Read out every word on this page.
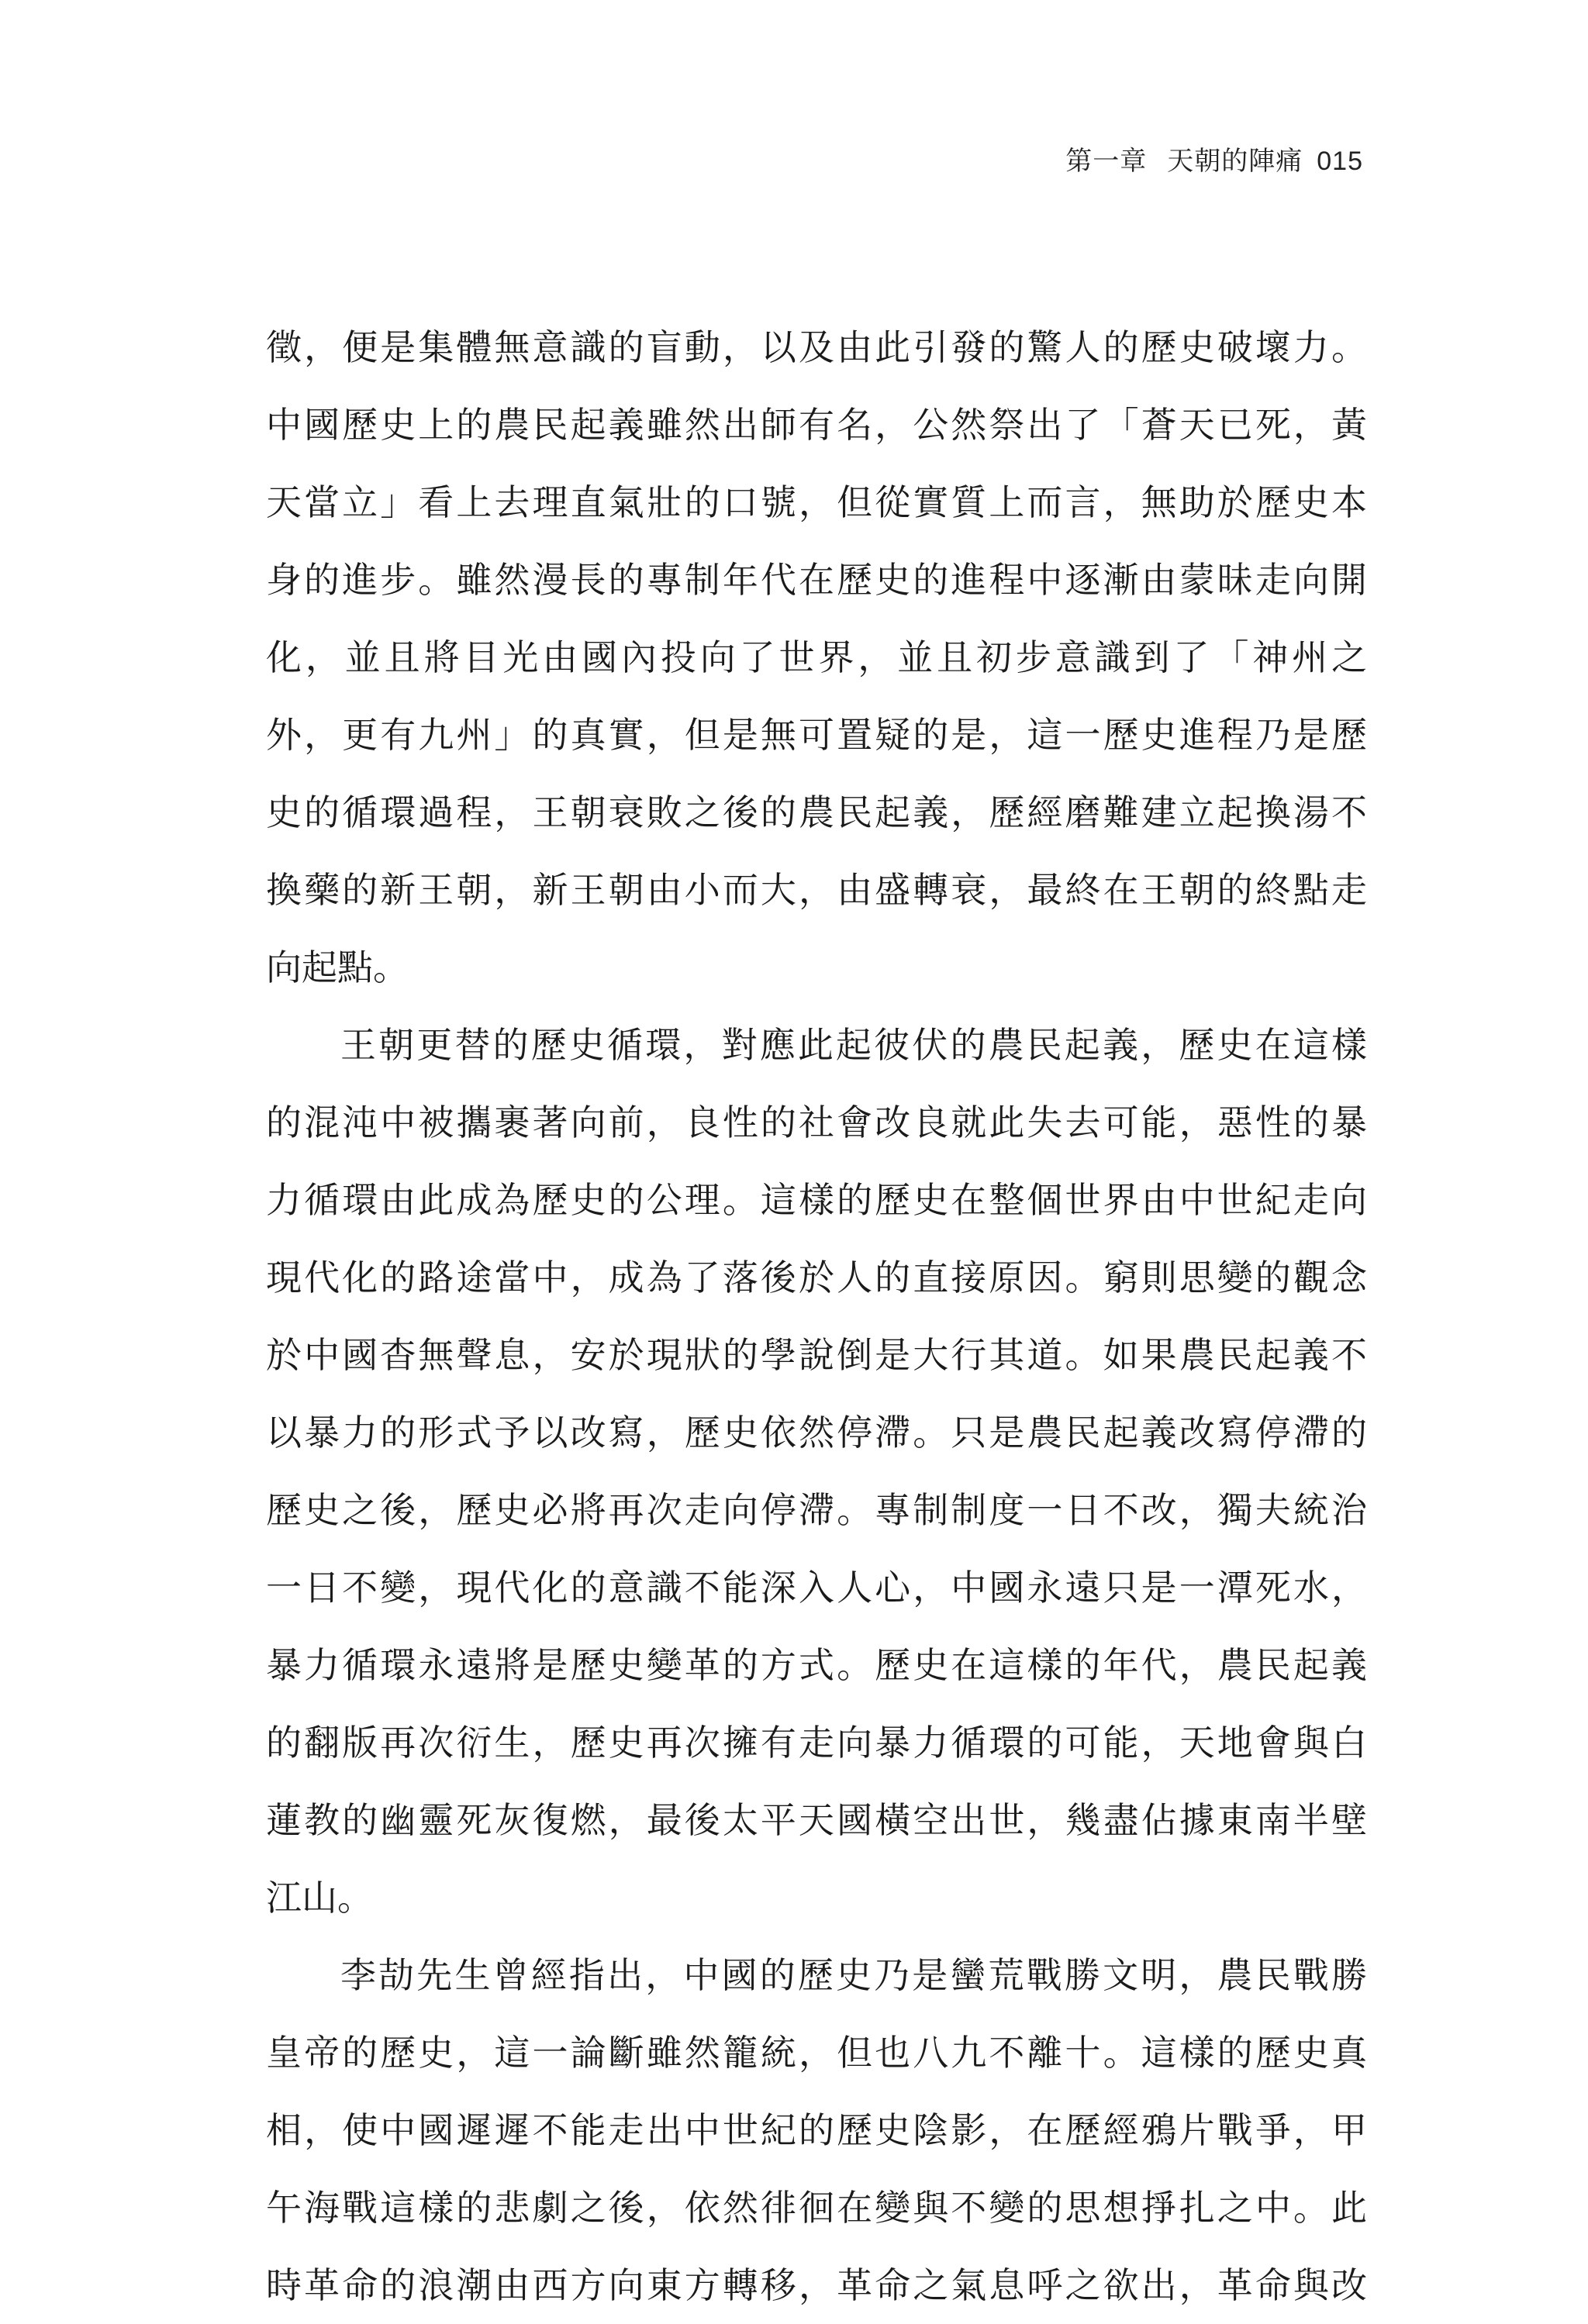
第一章 天朝的陣痛 015
徵，便是集體無意識的盲動，以及由此引發的驚人的歷史破壞力。
中國歷史上的農民起義雖然出師有名，公然祭出了「蒼天已死，黃
天當立」看上去理直氣壯的口號，但從實質上而言，無助於歷史本
身的進步。雖然漫長的專制年代在歷史的進程中逐漸由蒙昧走向開
化，並且將目光由國內投向了世界，並且初步意識到了「神州之
外，更有九州」的真實，但是無可置疑的是，這一歷史進程乃是歷
史的循環過程，王朝衰敗之後的農民起義，歷經磨難建立起換湯不
換藥的新王朝，新王朝由小而大，由盛轉衰，最終在王朝的終點走
向起點。
王朝更替的歷史循環，對應此起彼伏的農民起義，歷史在這樣
的混沌中被攜裹著向前，良性的社會改良就此失去可能，惡性的暴
力循環由此成為歷史的公理。這樣的歷史在整個世界由中世紀走向
現代化的路途當中，成為了落後於人的直接原因。窮則思變的觀念
於中國杳無聲息，安於現狀的學說倒是大行其道。如果農民起義不
以暴力的形式予以改寫，歷史依然停滯。只是農民起義改寫停滯的
歷史之後，歷史必將再次走向停滯。專制制度一日不改，獨夫統治
一日不變，現代化的意識不能深入人心，中國永遠只是一潭死水，
暴力循環永遠將是歷史變革的方式。歷史在這樣的年代，農民起義
的翻版再次衍生，歷史再次擁有走向暴力循環的可能，天地會與白
蓮教的幽靈死灰復燃，最後太平天國橫空出世，幾盡佔據東南半壁
江山。
李劼先生曾經指出，中國的歷史乃是蠻荒戰勝文明，農民戰勝
皇帝的歷史，這一論斷雖然籠統，但也八九不離十。這樣的歷史真
相，使中國遲遲不能走出中世紀的歷史陰影，在歷經鴉片戰爭，甲
午海戰這樣的悲劇之後，依然徘徊在變與不變的思想掙扎之中。此
時革命的浪潮由西方向東方轉移，革命之氣息呼之欲出，革命與改
